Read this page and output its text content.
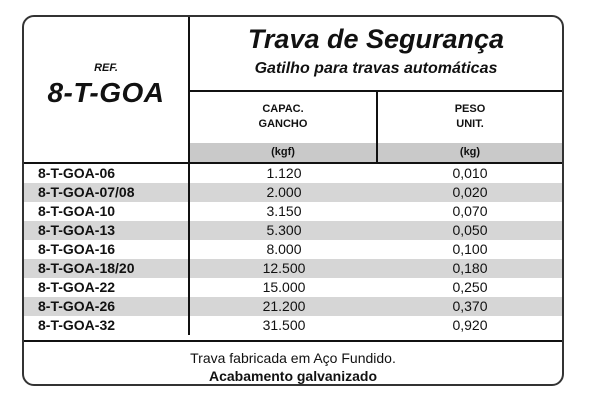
REF.
8-T-GOA
Trava de Segurança
Gatilho para travas automáticas
CAPAC.
GANCHO
PESO
UNIT.
(kgf)	(kg)
8-T-GOA-06	1.120	0,010
8-T-GOA-07/08	2.000	0,020
8-T-GOA-10	3.150	0,070
8-T-GOA-13	5.300	0,050
8-T-GOA-16	8.000	0,100
8-T-GOA-18/20	12.500	0,180
8-T-GOA-22	15.000	0,250
8-T-GOA-26	21.200	0,370
8-T-GOA-32	31.500	0,920
Trava fabricada em Aço Fundido.
Acabamento galvanizado
